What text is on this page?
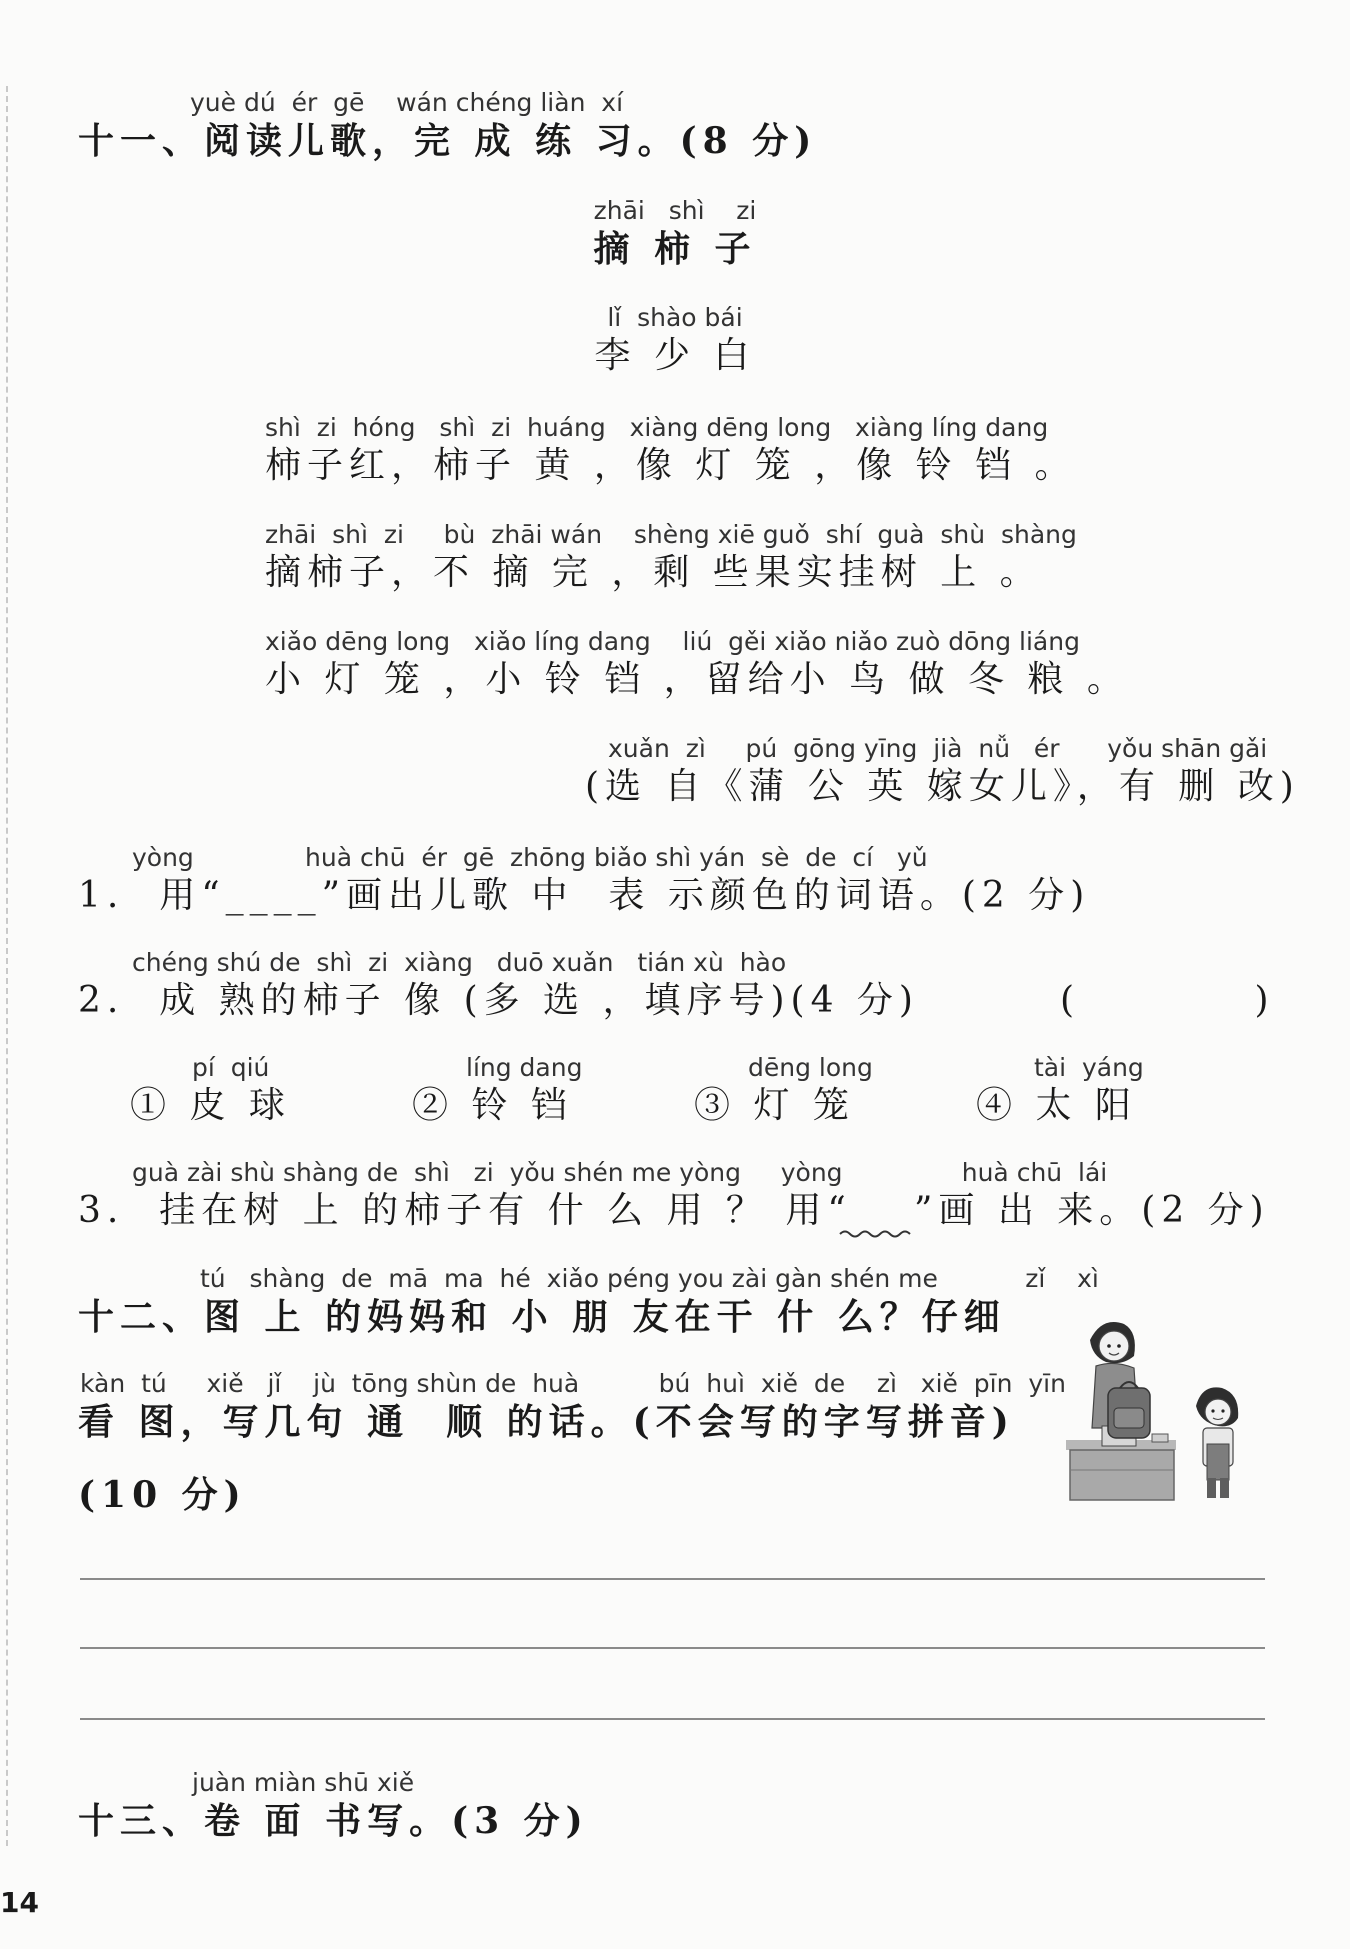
yuè dú  ér  gē    wán chéng liàn  xí
十一、阅读儿歌，完 成 练 习。(8 分)
zhāi   shì    zi
摘 柿 子
lǐ  shào bái
李 少 白
shì  zi  hóng   shì  zi  huáng   xiàng dēng long   xiàng líng dang
柿子红，柿子 黄 ，像 灯 笼 ，像 铃 铛 。
zhāi  shì  zi     bù  zhāi wán    shèng xiē guǒ  shí  guà  shù  shàng
摘柿子，不 摘 完 ，剩 些果实挂树 上 。
xiǎo dēng long   xiǎo líng dang    liú  gěi xiǎo niǎo zuò dōng liáng
小 灯 笼 ，小 铃 铛 ，留给小 鸟 做 冬 粮 。
xuǎn  zì     pú  gōng yīng  jià  nǚ   ér      yǒu shān gǎi
(选 自《蒲 公 英 嫁女儿》，有 删 改)
yòng              huà chū  ér  gē  zhōng biǎo shì yán  sè  de  cí   yǔ
1.  用“____”画出儿歌 中  表 示颜色的词语。(2 分)
chéng shú de  shì  zi  xiàng   duō xuǎn   tián xù  hào
2.  成 熟的柿子 像 (多 选 ，填序号)(4 分)	(          )
pí  qiú
① 皮 球
líng dang
② 铃 铛
dēng long
③ 灯 笼
tài  yáng
④ 太 阳
guà zài shù shàng de  shì   zi  yǒu shén me yòng     yòng               huà chū  lái
3.  挂在树 上 的柿子有 什 么 用 ？ 用“ ”画 出 来。(2 分)
tú   shàng  de  mā  ma  hé  xiǎo péng you zài gàn shén me           zǐ    xì
十二、图 上 的妈妈和 小 朋 友在干 什 么？仔细
kàn  tú     xiě   jǐ    jù  tōng shùn de  huà          bú  huì  xiě  de    zì   xiě  pīn  yīn
看 图，写几句 通  顺 的话。(不会写的字写拼音)
(10 分)
juàn miàn shū xiě
十三、卷 面 书写。(3 分)
14
